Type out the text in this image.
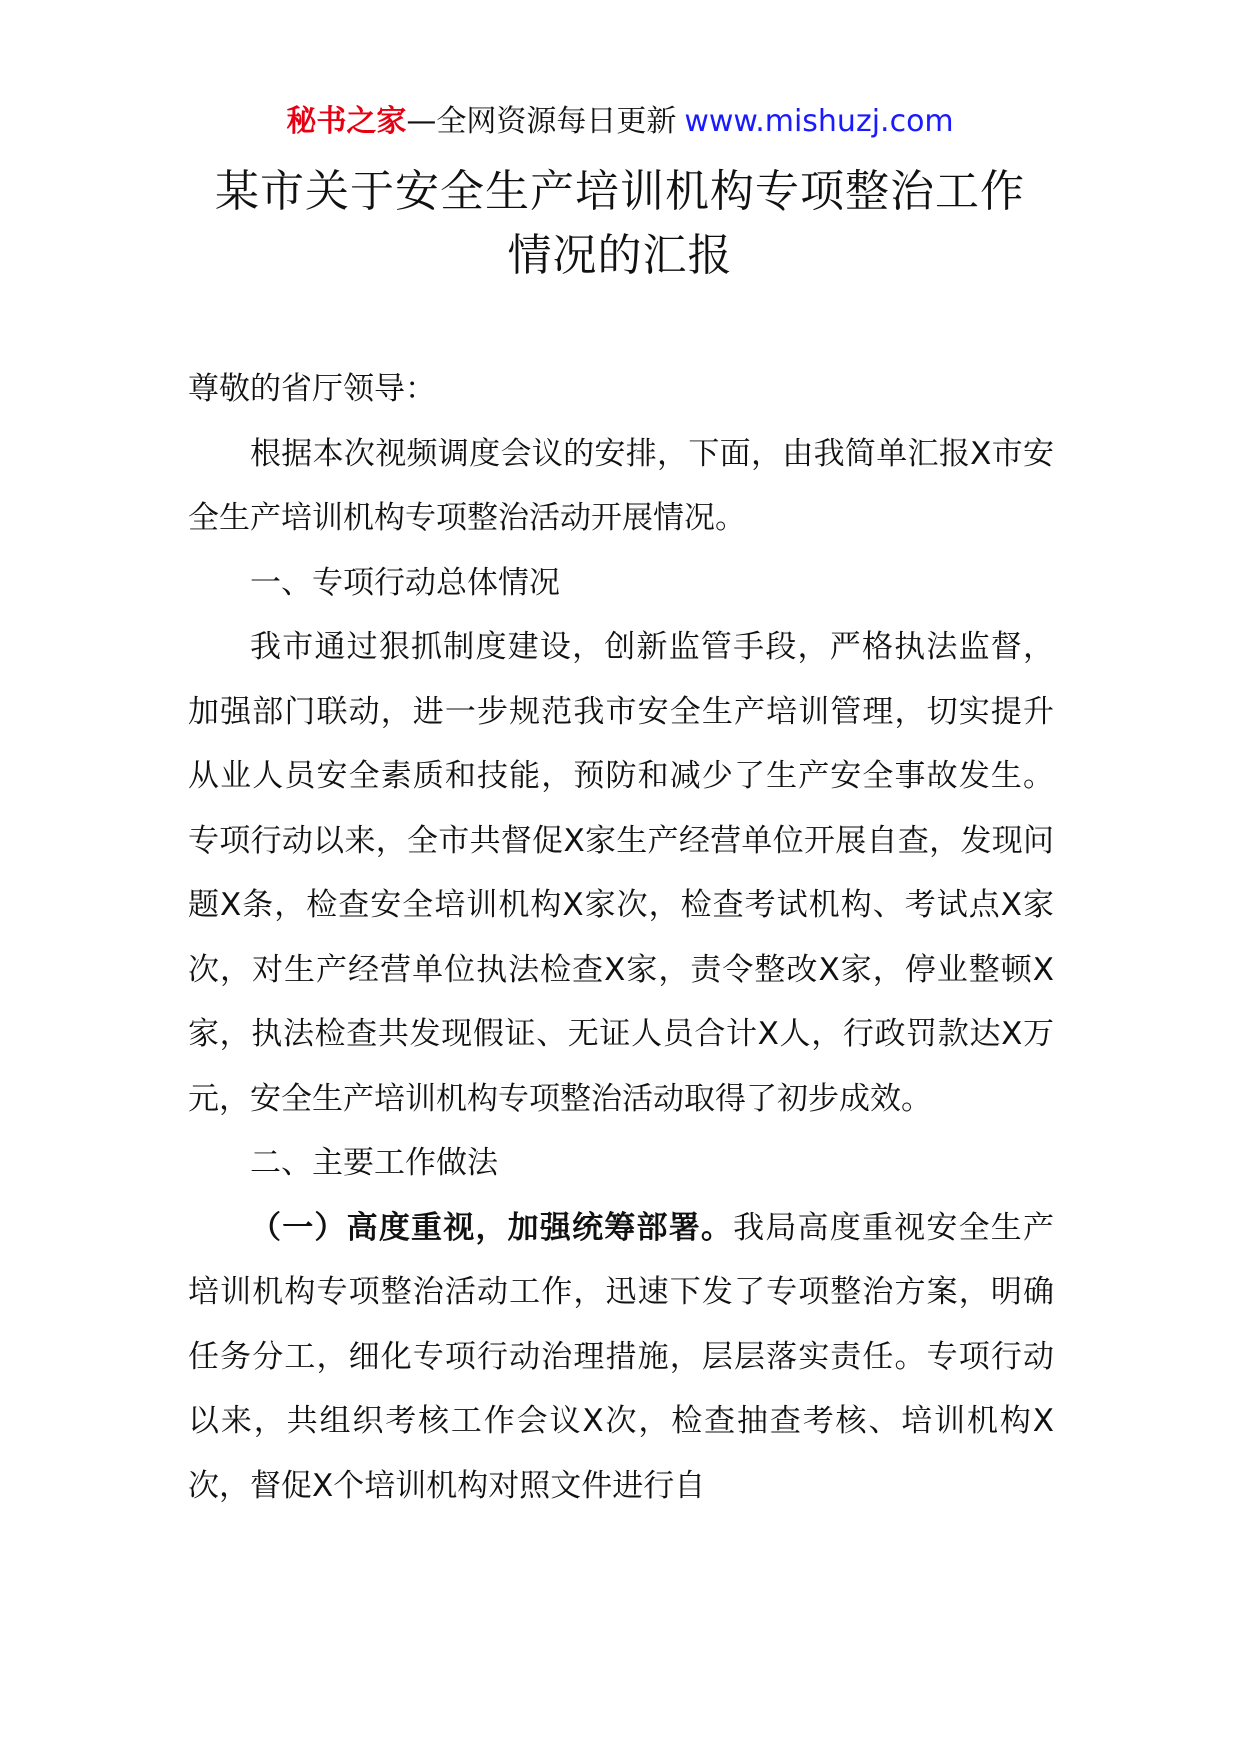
秘书之家—全网资源每日更新 www.mishuzj.com
某市关于安全生产培训机构专项整治工作
情况的汇报

尊敬的省厅领导：

根据本次视频调度会议的安排，下面，由我简单汇报X市安全生产培训机构专项整治活动开展情况。

一、专项行动总体情况

我市通过狠抓制度建设，创新监管手段，严格执法监督，加强部门联动，进一步规范我市安全生产培训管理，切实提升从业人员安全素质和技能，预防和减少了生产安全事故发生。专项行动以来，全市共督促X家生产经营单位开展自查，发现问题X条，检查安全培训机构X家次，检查考试机构、考试点X家次，对生产经营单位执法检查X家，责令整改X家，停业整顿X家，执法检查共发现假证、无证人员合计X人，行政罚款达X万元，安全生产培训机构专项整治活动取得了初步成效。

二、主要工作做法

（一）高度重视，加强统筹部署。我局高度重视安全生产培训机构专项整治活动工作，迅速下发了专项整治方案，明确任务分工，细化专项行动治理措施，层层落实责任。专项行动以来，共组织考核工作会议X次，检查抽查考核、培训机构X次，督促X个培训机构对照文件进行自
